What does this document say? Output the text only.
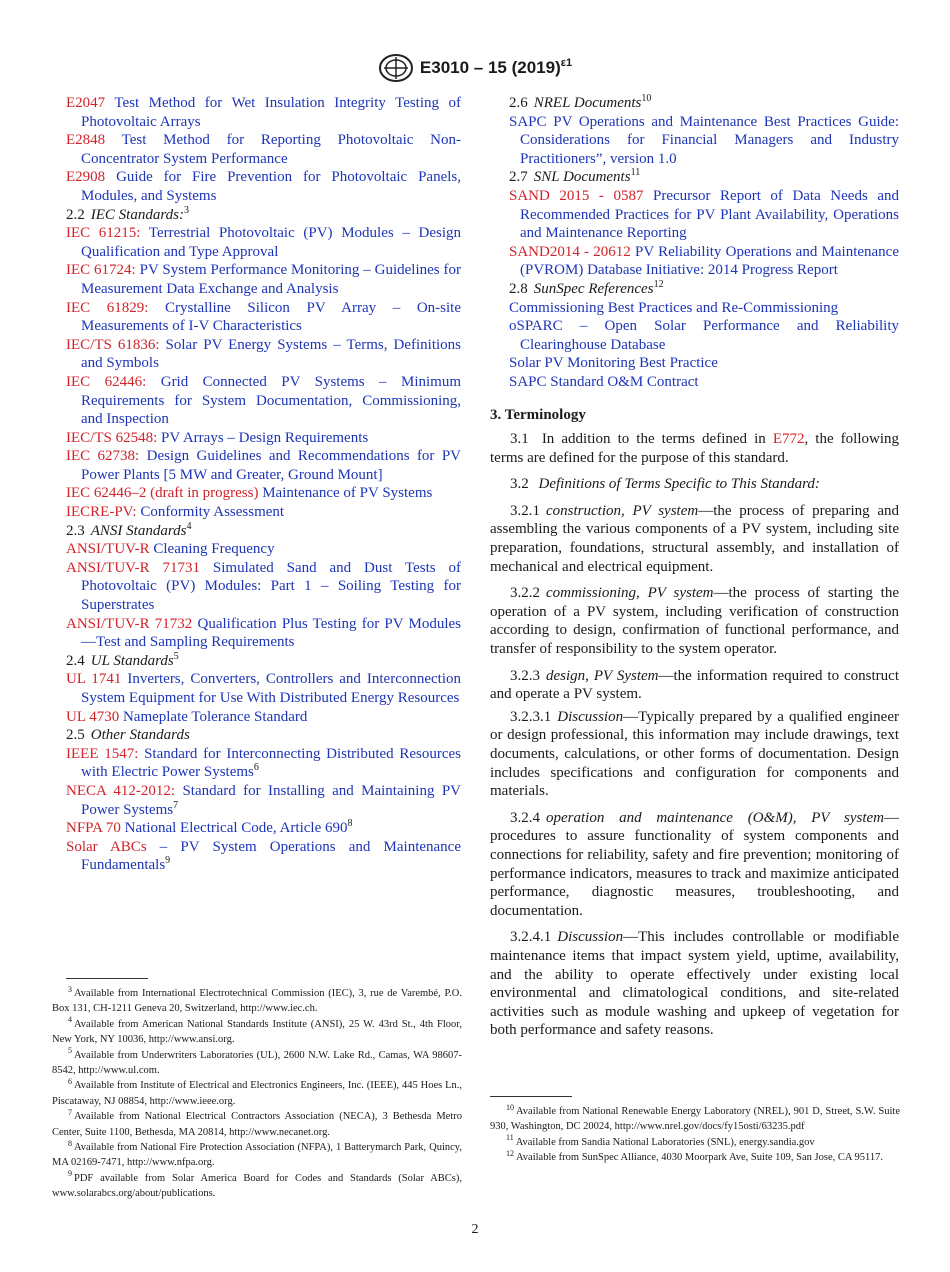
E3010 – 15 $(2019)^{\varepsilon 1}$
E2047 Test Method for Wet Insulation Integrity Testing of Photovoltaic Arrays
E2848 Test Method for Reporting Photovoltaic Non-Concentrator System Performance
E2908 Guide for Fire Prevention for Photovoltaic Panels, Modules, and Systems
2.2 IEC Standards:$^3$
IEC 61215: Terrestrial Photovoltaic (PV) Modules – Design Qualification and Type Approval
IEC 61724: PV System Performance Monitoring – Guidelines for Measurement Data Exchange and Analysis
IEC 61829: Crystalline Silicon PV Array – On-site Measurements of I-V Characteristics
IEC/TS 61836: Solar PV Energy Systems – Terms, Definitions and Symbols
IEC 62446: Grid Connected PV Systems – Minimum Requirements for System Documentation, Commissioning, and Inspection
IEC/TS 62548: PV Arrays – Design Requirements
IEC 62738: Design Guidelines and Recommendations for PV Power Plants [5 MW and Greater, Ground Mount]
IEC 62446–2 (draft in progress) Maintenance of PV Systems
IECRE-PV: Conformity Assessment
2.3 ANSI Standards$^4$
ANSI/TUV-R Cleaning Frequency
ANSI/TUV-R 71731 Simulated Sand and Dust Tests of Photovoltaic (PV) Modules: Part 1 – Soiling Testing for Superstrates
ANSI/TUV-R 71732 Qualification Plus Testing for PV Modules—Test and Sampling Requirements
2.4 UL Standards$^5$
UL 1741 Inverters, Converters, Controllers and Interconnection System Equipment for Use With Distributed Energy Resources
UL 4730 Nameplate Tolerance Standard
2.5 Other Standards
IEEE 1547: Standard for Interconnecting Distributed Resources with Electric Power Systems$^6$
NECA 412-2012: Standard for Installing and Maintaining PV Power Systems$^7$
NFPA 70 National Electrical Code, Article $690^8$
Solar ABCs – PV System Operations and Maintenance Fundamentals$^9$
2.6 NREL Documents$^{10}$
SAPC PV Operations and Maintenance Best Practices Guide: Considerations for Financial Managers and Industry Practitioners”, version 1.0
2.7 SNL Documents$^{11}$
SAND 2015 - 0587 Precursor Report of Data Needs and Recommended Practices for PV Plant Availability, Operations and Maintenance Reporting
SAND2014 - 20612 PV Reliability Operations and Maintenance (PVROM) Database Initiative: 2014 Progress Report
2.8 SunSpec References$^{12}$
Commissioning Best Practices and Re-Commissioning
oSPARC – Open Solar Performance and Reliability Clearinghouse Database
Solar PV Monitoring Best Practice
SAPC Standard O&M Contract
3. Terminology
3.1 In addition to the terms defined in E772, the following terms are defined for the purpose of this standard.
3.2 Definitions of Terms Specific to This Standard:
3.2.1 construction, PV system—the process of preparing and assembling the various components of a PV system, including site preparation, foundations, structural assembly, and installation of mechanical and electrical equipment.
3.2.2 commissioning, PV system—the process of starting the operation of a PV system, including verification of construction according to design, confirmation of functional performance, and transfer of responsibility to the system operator.
3.2.3 design, PV System—the information required to construct and operate a PV system.
3.2.3.1 Discussion—Typically prepared by a qualified engineer or design professional, this information may include drawings, text documents, calculations, or other forms of documentation. Design includes specifications and configuration for components and materials.
3.2.4 operation and maintenance (O&M), PV system—procedures to assure functionality of system components and connections for reliability, safety and fire prevention; monitoring of performance indicators, measures to track and maximize anticipated performance, diagnostic measures, troubleshooting, and documentation.
3.2.4.1 Discussion—This includes controllable or modifiable maintenance items that impact system yield, uptime, availability, and the ability to operate effectively under existing local environmental and climatological conditions, and site-related activities such as module washing and upkeep of vegetation for both performance and safety reasons.
$^3$ Available from International Electrotechnical Commission (IEC), 3, rue de Varembé, P.O. Box 131, CH-1211 Geneva 20, Switzerland, http://www.iec.ch.
$^4$ Available from American National Standards Institute (ANSI), 25 W. 43rd St., 4th Floor, New York, NY 10036, http://www.ansi.org.
$^5$ Available from Underwriters Laboratories (UL), 2600 N.W. Lake Rd., Camas, WA 98607-8542, http://www.ul.com.
$^6$ Available from Institute of Electrical and Electronics Engineers, Inc. (IEEE), 445 Hoes Ln., Piscataway, NJ 08854, http://www.ieee.org.
$^7$ Available from National Electrical Contractors Association (NECA), 3 Bethesda Metro Center, Suite 1100, Bethesda, MA 20814, http://www.necanet.org.
$^8$ Available from National Fire Protection Association (NFPA), 1 Batterymarch Park, Quincy, MA 02169-7471, http://www.nfpa.org.
$^9$ PDF available from Solar America Board for Codes and Standards (Solar ABCs), www.solarabcs.org/about/publications.
$^{10}$ Available from National Renewable Energy Laboratory (NREL), 901 D, Street, S.W. Suite 930, Washington, DC 20024, http://www.nrel.gov/docs/fy15osti/63235.pdf
$^{11}$ Available from Sandia National Laboratories (SNL), energy.sandia.gov
$^{12}$ Available from SunSpec Alliance, 4030 Moorpark Ave, Suite 109, San Jose, CA 95117.
2
